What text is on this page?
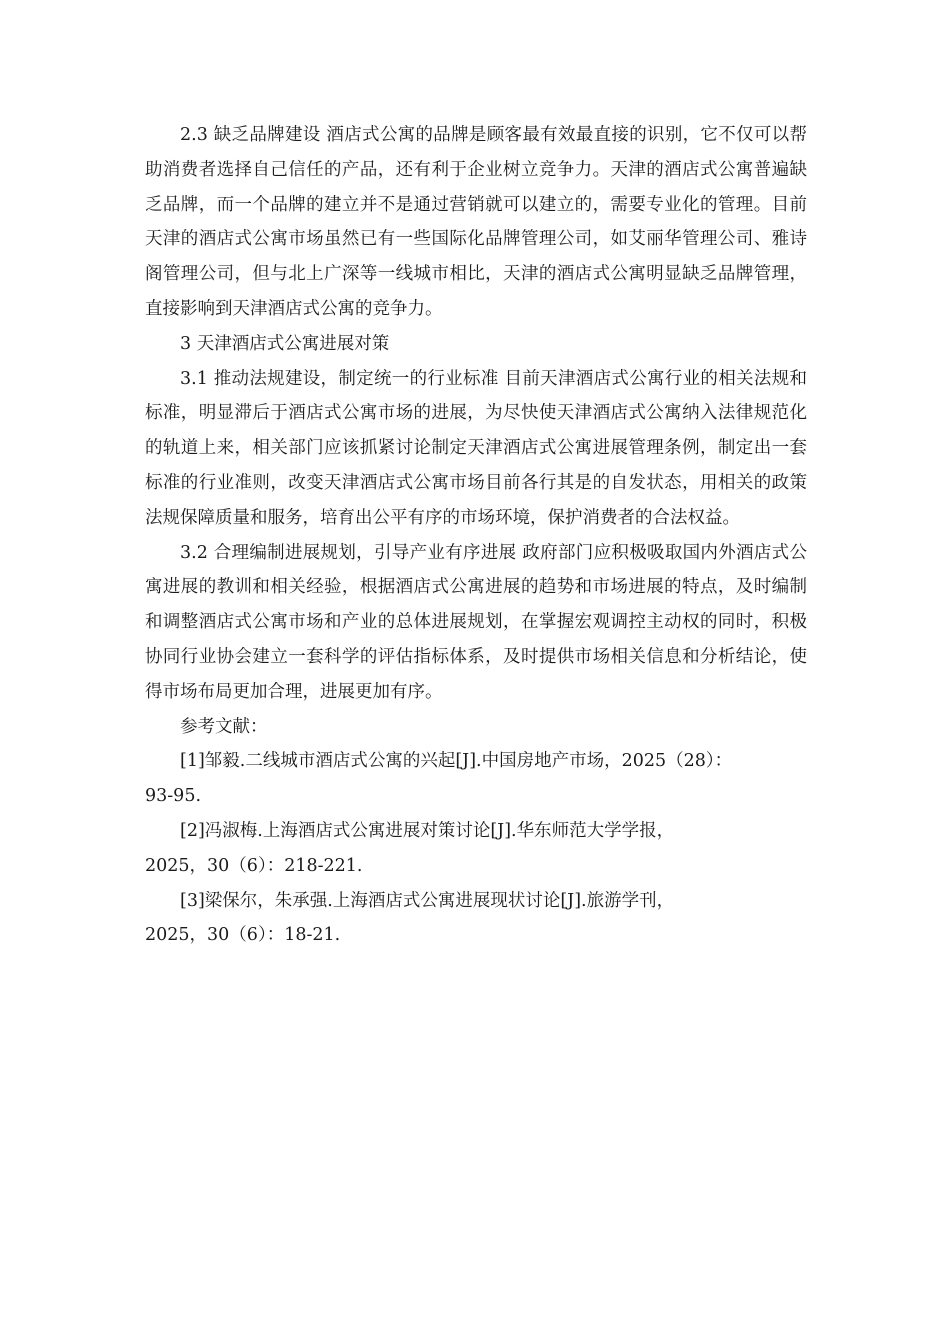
2.3 缺乏品牌建设 酒店式公寓的品牌是顾客最有效最直接的识别，它不仅可以帮助消费者选择自己信任的产品，还有利于企业树立竞争力。天津的酒店式公寓普遍缺乏品牌，而一个品牌的建立并不是通过营销就可以建立的，需要专业化的管理。目前天津的酒店式公寓市场虽然已有一些国际化品牌管理公司，如艾丽华管理公司、雅诗阁管理公司，但与北上广深等一线城市相比，天津的酒店式公寓明显缺乏品牌管理，直接影响到天津酒店式公寓的竞争力。

3 天津酒店式公寓进展对策

3.1 推动法规建设，制定统一的行业标准 目前天津酒店式公寓行业的相关法规和标准，明显滞后于酒店式公寓市场的进展，为尽快使天津酒店式公寓纳入法律规范化的轨道上来，相关部门应该抓紧讨论制定天津酒店式公寓进展管理条例，制定出一套标准的行业准则，改变天津酒店式公寓市场目前各行其是的自发状态，用相关的政策法规保障质量和服务，培育出公平有序的市场环境，保护消费者的合法权益。

3.2 合理编制进展规划，引导产业有序进展 政府部门应积极吸取国内外酒店式公寓进展的教训和相关经验，根据酒店式公寓进展的趋势和市场进展的特点，及时编制和调整酒店式公寓市场和产业的总体进展规划，在掌握宏观调控主动权的同时，积极协同行业协会建立一套科学的评估指标体系，及时提供市场相关信息和分析结论，使得市场布局更加合理，进展更加有序。

参考文献：

[1]邹毅.二线城市酒店式公寓的兴起[J].中国房地产市场，2025（28）：

93-95.

[2]冯淑梅.上海酒店式公寓进展对策讨论[J].华东师范大学学报，

2025，30（6）：218-221.

[3]梁保尔，朱承强.上海酒店式公寓进展现状讨论[J].旅游学刊，

2025，30（6）：18-21.
